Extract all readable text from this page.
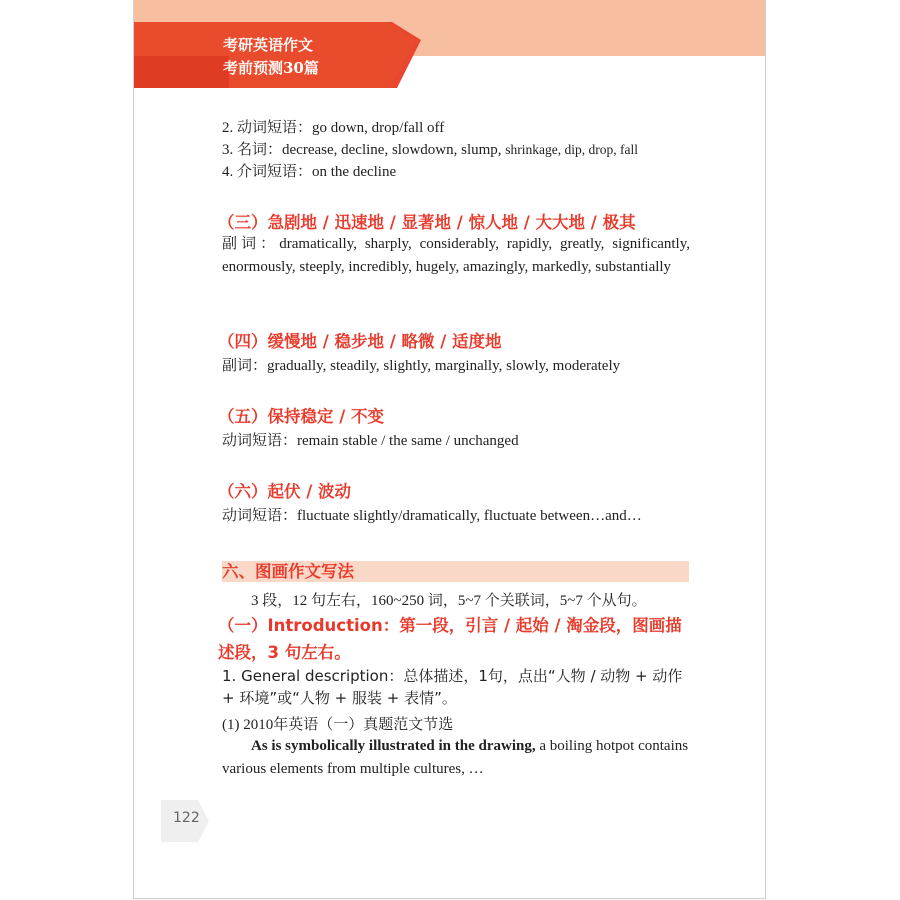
考研英语作文
考前预测30篇
2. 动词短语：go down, drop/fall off
3. 名词：decrease, decline, slowdown, slump, shrinkage, dip, drop, fall
4. 介词短语：on the decline
（三）急剧地 / 迅速地 / 显著地 / 惊人地 / 大大地 / 极其
副词：dramatically, sharply, considerably, rapidly, greatly, significantly, enormously, steeply, incredibly, hugely, amazingly, markedly, substantially
（四）缓慢地 / 稳步地 / 略微 / 适度地
副词：gradually, steadily, slightly, marginally, slowly, moderately
（五）保持稳定 / 不变
动词短语：remain stable / the same / unchanged
（六）起伏 / 波动
动词短语：fluctuate slightly/dramatically, fluctuate between…and…
六、图画作文写法
3 段，12 句左右，160~250 词，5~7 个关联词，5~7 个从句。
（一）Introduction：第一段，引言 / 起始 / 淘金段，图画描述段，3 句左右。
1. General description：总体描述，1句，点出“人物 / 动物 + 动作 + 环境”或“人物 + 服装 + 表情”。
(1) 2010年英语（一）真题范文节选
As is symbolically illustrated in the drawing, a boiling hotpot contains
various elements from multiple cultures, …
122
